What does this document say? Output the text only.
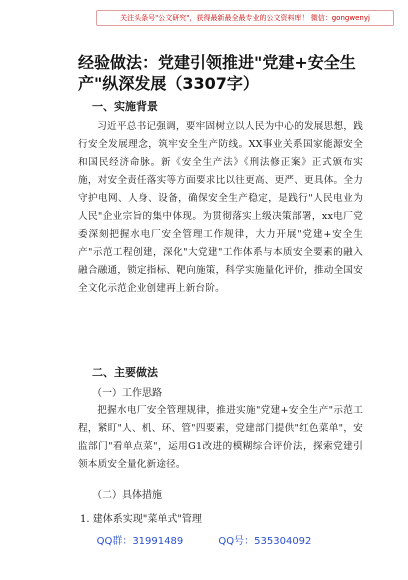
关注头条号"公文研究"，获得最新最全最专业的公文资料库！ 微信：gongwenyj
经验做法：党建引领推进"党建+安全生产"纵深发展（3307字）
一、实施背景
习近平总书记强调，要牢固树立以人民为中心的发展思想，践行安全发展理念，筑牢安全生产防线。XX事业关系国家能源安全和国民经济命脉。新《安全生产法》《刑法修正案》正式颁布实施，对安全责任落实等方面要求比以往更高、更严、更具体。全力守护电网、人身、设备，确保安全生产稳定，是践行"人民电业为人民"企业宗旨的集中体现。为贯彻落实上级决策部署，xx电厂党委深刻把握水电厂安全管理工作规律，大力开展"党建+安全生产"示范工程创建，深化"大党建"工作体系与本质安全要素的融入融合融通，锁定指标、靶向施策，科学实施量化评价，推动全国安全文化示范企业创建再上新台阶。
二、主要做法
（一）工作思路
把握水电厂安全管理规律，推进实施"党建+安全生产"示范工程，紧盯"人、机、环、管"四要素，党建部门提供"红色菜单"，安监部门"看单点菜"，运用G1改进的模糊综合评价法，探索党建引领本质安全量化新途径。
（二）具体措施
1. 建体系实现"菜单式"管理
QQ群：31991489	QQ号：535304092
